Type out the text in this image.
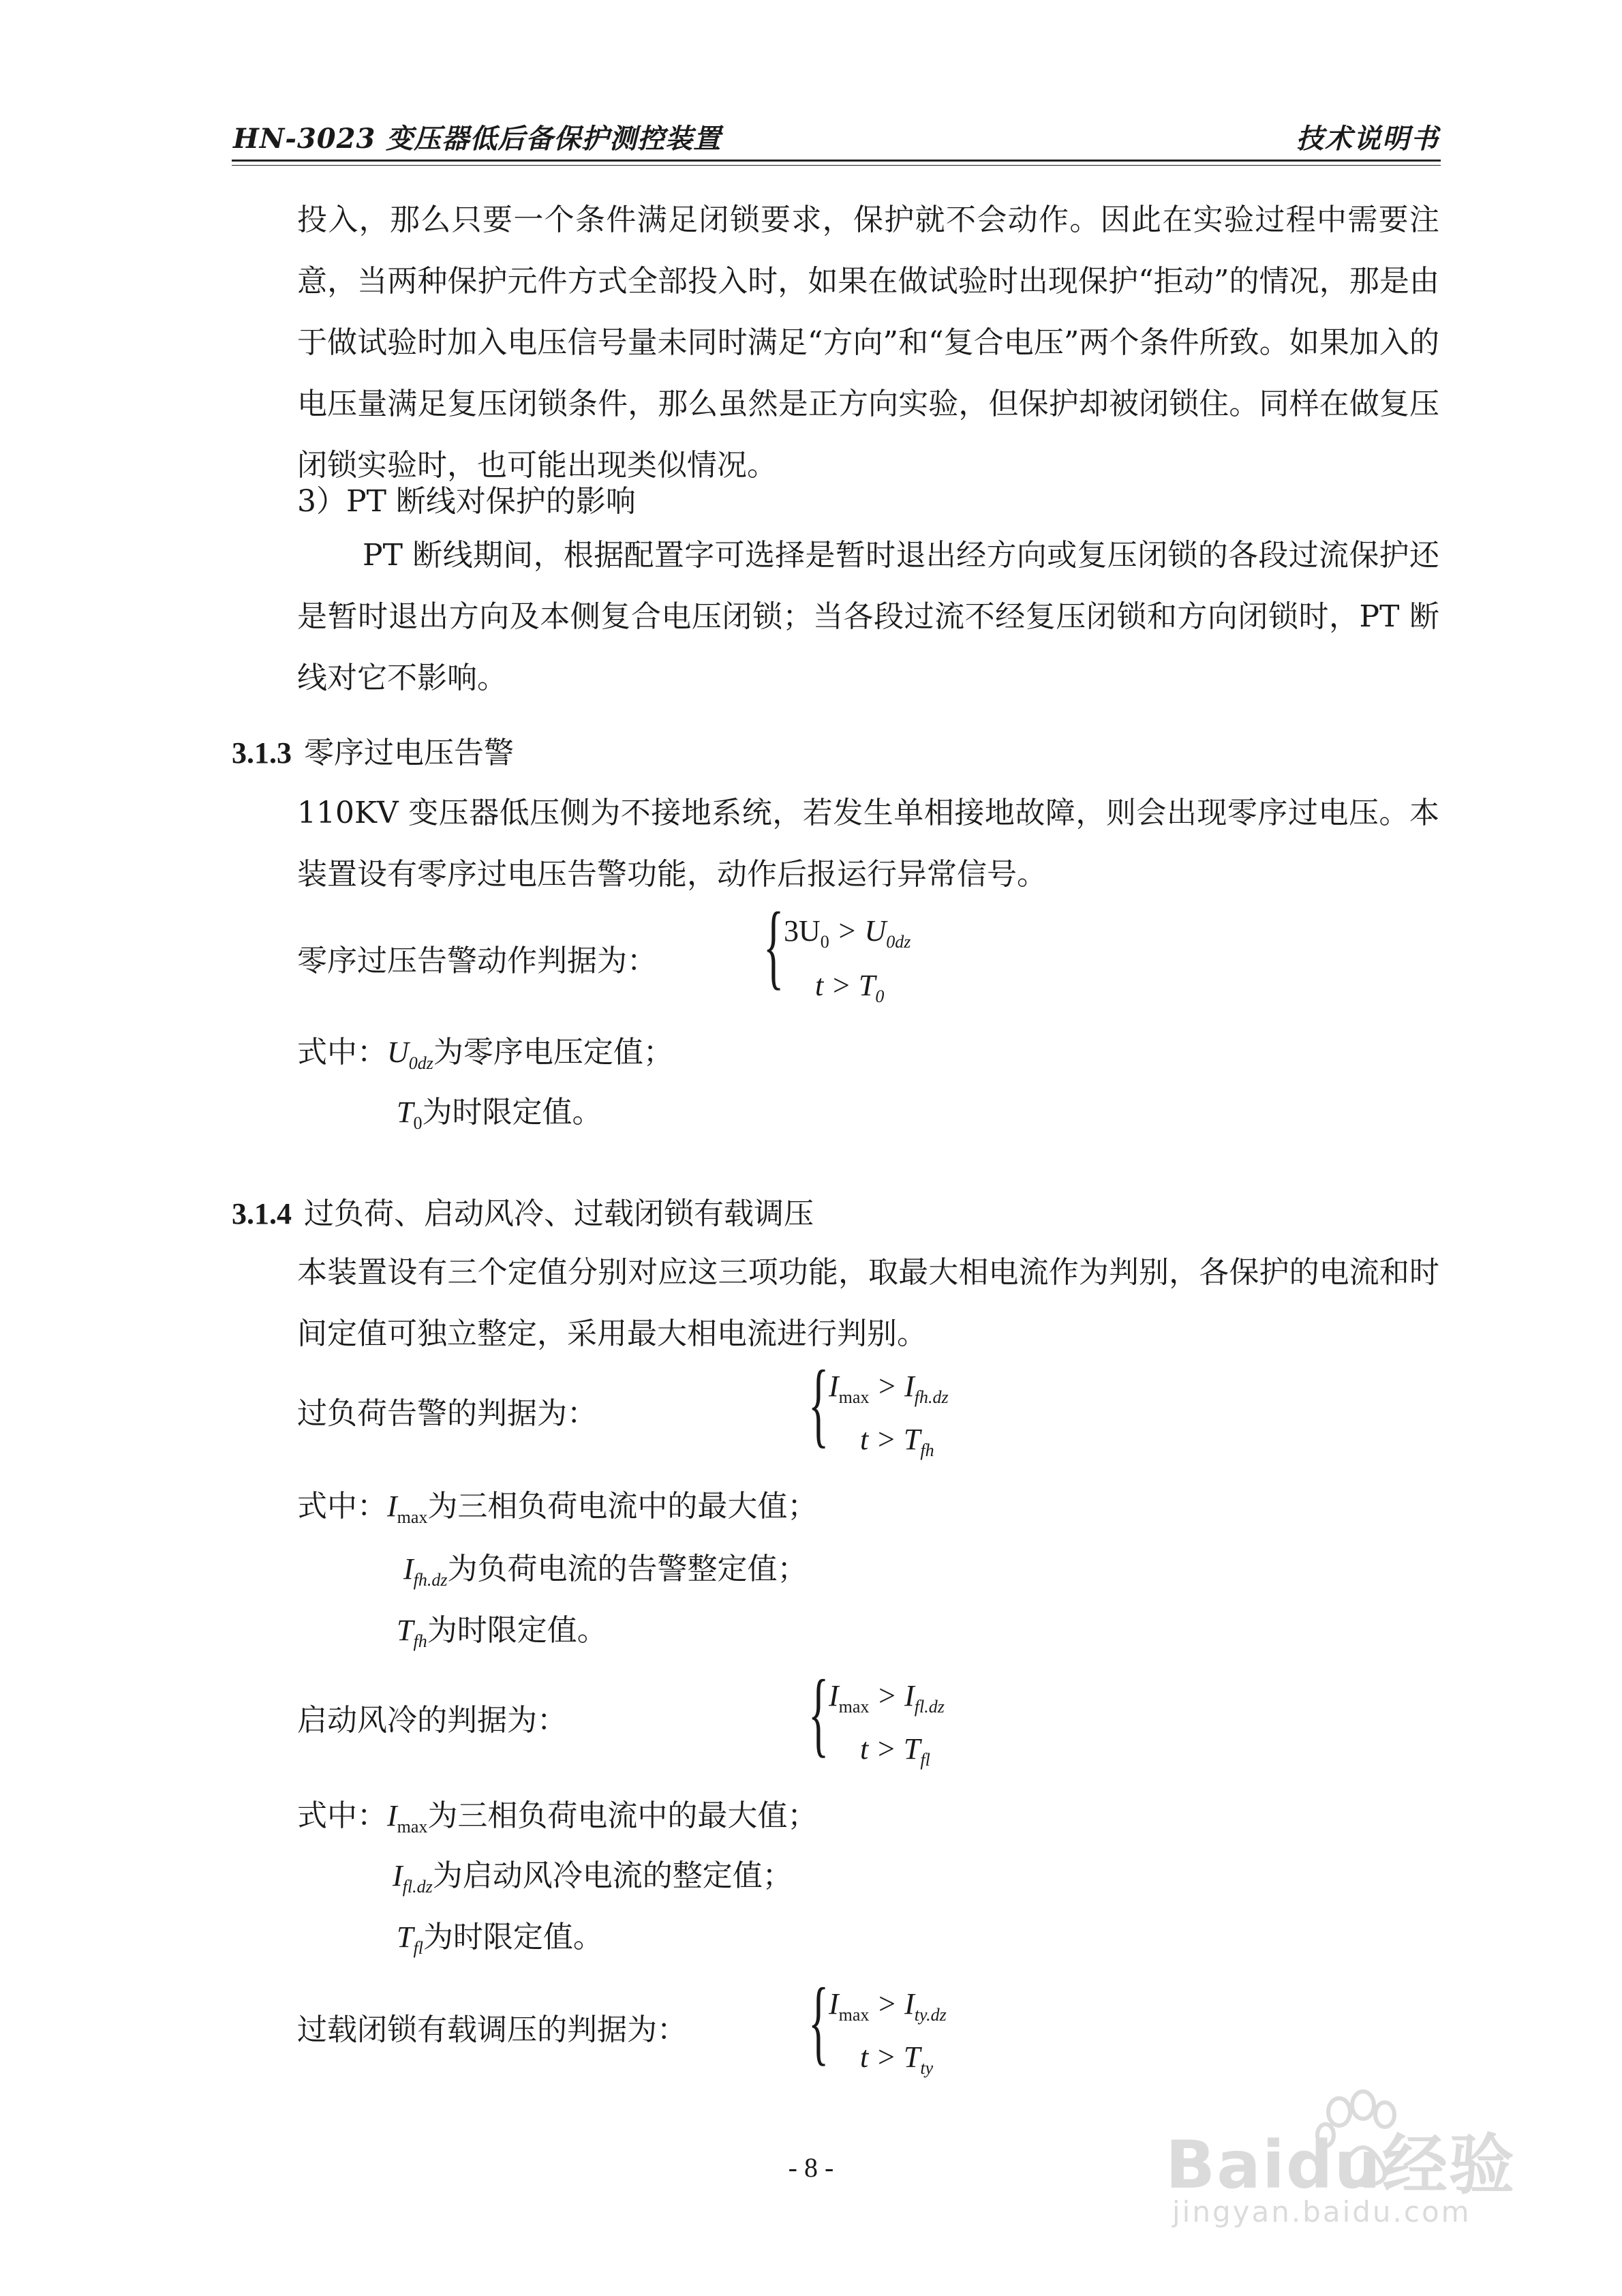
HN-3023 变压器低后备保护测控装置	技术说明书

投入，那么只要一个条件满足闭锁要求，保护就不会动作。因此在实验过程中需要注意，当两种保护元件方式全部投入时，如果在做试验时出现保护“拒动”的情况，那是由于做试验时加入电压信号量未同时满足“方向”和“复合电压”两个条件所致。如果加入的电压量满足复压闭锁条件，那么虽然是正方向实验，但保护却被闭锁住。同样在做复压闭锁实验时，也可能出现类似情况。

3）PT 断线对保护的影响

PT 断线期间，根据配置字可选择是暂时退出经方向或复压闭锁的各段过流保护还是暂时退出方向及本侧复合电压闭锁；当各段过流不经复压闭锁和方向闭锁时，PT 断线对它不影响。

3.1.3 零序过电压告警

110KV 变压器低压侧为不接地系统，若发生单相接地故障，则会出现零序过电压。本装置设有零序过电压告警功能，动作后报运行异常信号。

零序过压告警动作判据为： { $3U_0 > U_{0dz}$
$t > T_0$
式中：$U_{0dz}$为零序电压定值；
$T_0$为时限定值。
3.1.4 过负荷、启动风冷、过载闭锁有载调压

本装置设有三个定值分别对应这三项功能，取最大相电流作为判别，各保护的电流和时间定值可独立整定，采用最大相电流进行判别。

过负荷告警的判据为： { $I_{max} > I_{fh.dz}$
$t > T_{fh}$
式中：$I_{max}$为三相负荷电流中的最大值；
$I_{fh.dz}$为负荷电流的告警整定值；
$T_{fh}$为时限定值。
启动风冷的判据为：	{ $I_{max} > I_{fl.dz}$
$t > T_{fl}$
式中：$I_{max}$为三相负荷电流中的最大值；
$I_{fl.dz}$为启动风冷电流的整定值；
$T_{fl}$为时限定值。
过载闭锁有载调压的判据为： { $I_{max} > I_{ty.dz}$
$t > T_{ty}$
- 8 -	Baidu经验
jingyan.baidu.com
